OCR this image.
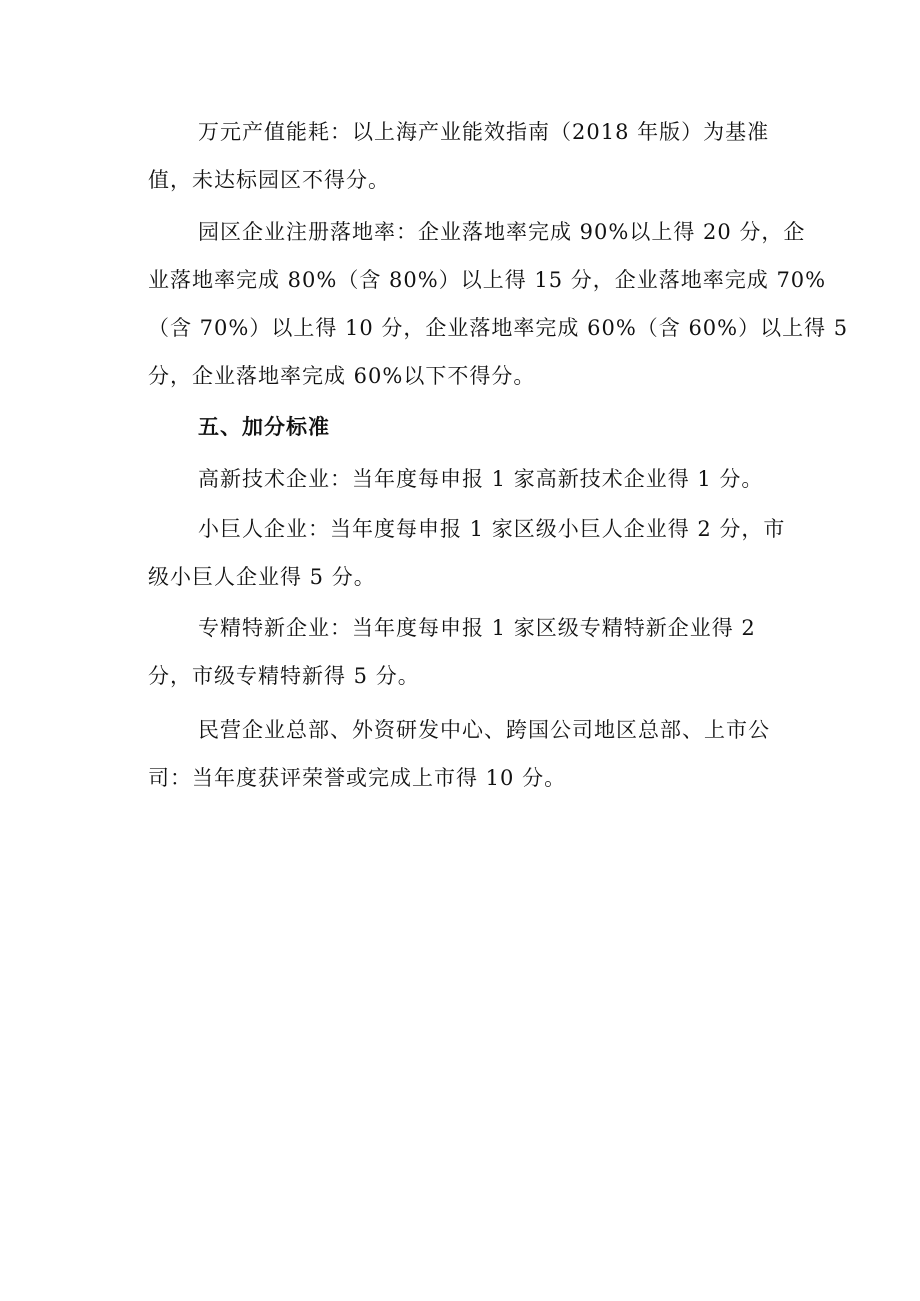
万元产值能耗：以上海产业能效指南（2018 年版）为基准
值，未达标园区不得分。
园区企业注册落地率：企业落地率完成 90%以上得 20 分，企
业落地率完成 80%（含 80%）以上得 15 分，企业落地率完成 70%
（含 70%）以上得 10 分，企业落地率完成 60%（含 60%）以上得 5
分，企业落地率完成 60%以下不得分。
五、加分标准
高新技术企业：当年度每申报 1 家高新技术企业得 1 分。
小巨人企业：当年度每申报 1 家区级小巨人企业得 2 分，市
级小巨人企业得 5 分。
专精特新企业：当年度每申报 1 家区级专精特新企业得 2
分，市级专精特新得 5 分。
民营企业总部、外资研发中心、跨国公司地区总部、上市公
司：当年度获评荣誉或完成上市得 10 分。
